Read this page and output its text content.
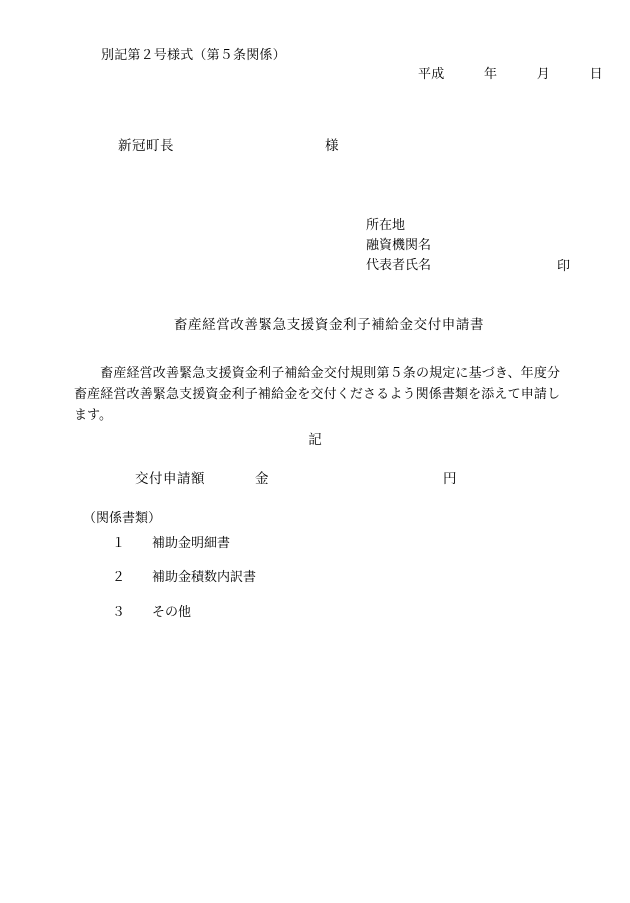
別記第２号様式（第５条関係）
平成　　　年　　　月　　　日
新冠町長	様
所在地
融資機関名
代表者氏名	印
畜産経営改善緊急支援資金利子補給金交付申請書
畜産経営改善緊急支援資金利子補給金交付規則第５条の規定に基づき、年度分畜産経営改善緊急支援資金利子補給金を交付くださるよう関係書類を添えて申請します。
記
交付申請額	金	円
（関係書類）
１ 補助金明細書
２ 補助金積数内訳書
３ その他
